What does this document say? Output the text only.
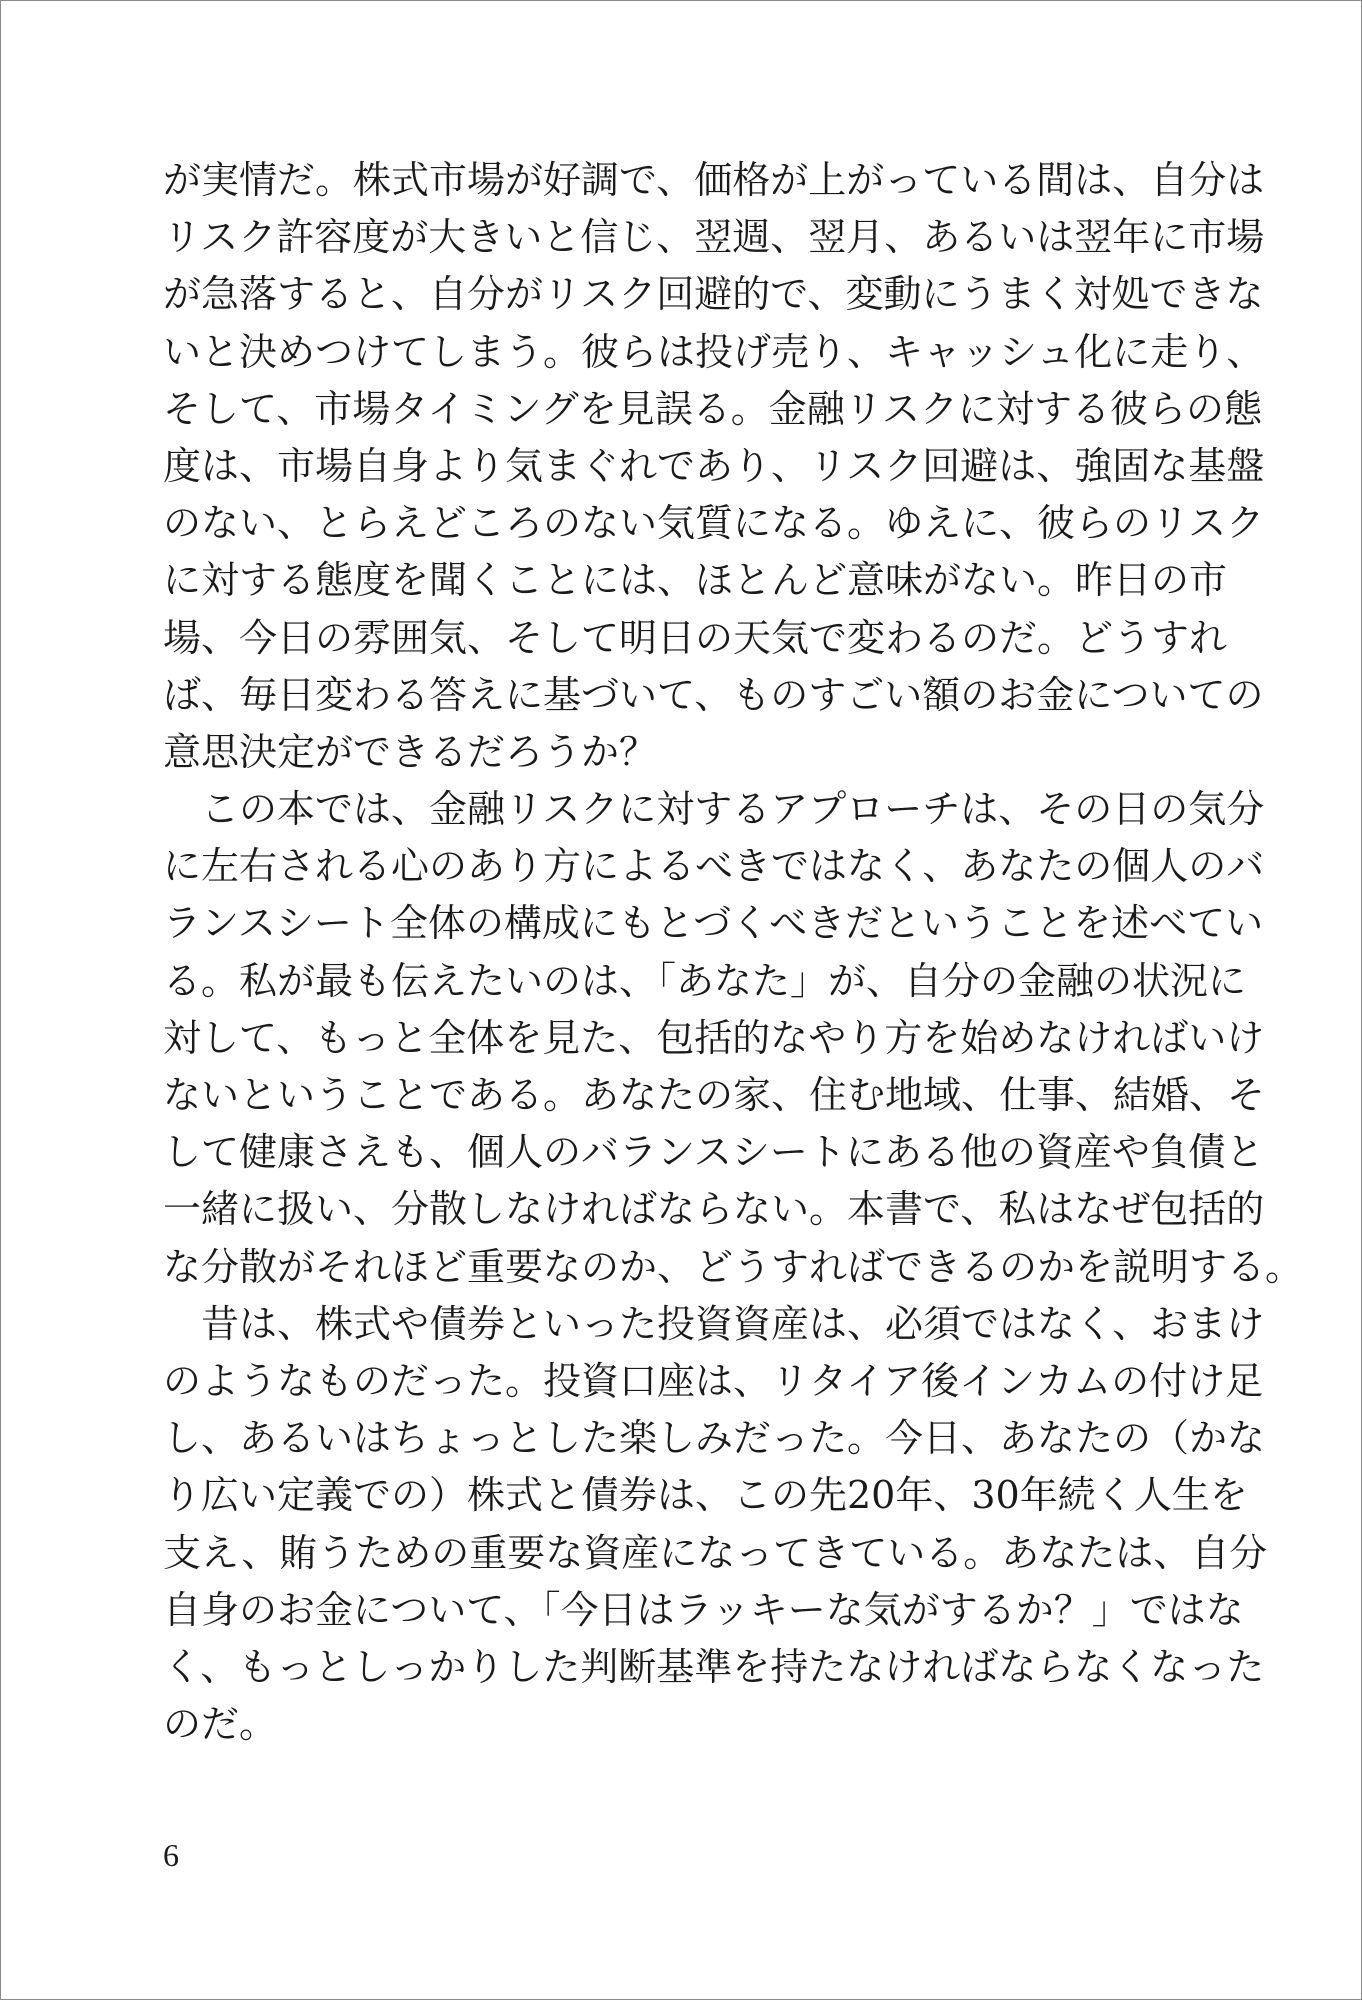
が実情だ。株式市場が好調で、価格が上がっている間は、自分は
リスク許容度が大きいと信じ、翌週、翌月、あるいは翌年に市場
が急落すると、自分がリスク回避的で、変動にうまく対処できな
いと決めつけてしまう。彼らは投げ売り、キャッシュ化に走り、
そして、市場タイミングを見誤る。金融リスクに対する彼らの態
度は、市場自身より気まぐれであり、リスク回避は、強固な基盤
のない、とらえどころのない気質になる。ゆえに、彼らのリスク
に対する態度を聞くことには、ほとんど意味がない。昨日の市
場、今日の雰囲気、そして明日の天気で変わるのだ。どうすれ
ば、毎日変わる答えに基づいて、ものすごい額のお金についての
意思決定ができるだろうか？
　この本では、金融リスクに対するアプローチは、その日の気分
に左右される心のあり方によるべきではなく、あなたの個人のバ
ランスシート全体の構成にもとづくべきだということを述べてい
る。私が最も伝えたいのは、「あなた」が、自分の金融の状況に
対して、もっと全体を見た、包括的なやり方を始めなければいけ
ないということである。あなたの家、住む地域、仕事、結婚、そ
して健康さえも、個人のバランスシートにある他の資産や負債と
一緒に扱い、分散しなければならない。本書で、私はなぜ包括的
な分散がそれほど重要なのか、どうすればできるのかを説明する。
　昔は、株式や債券といった投資資産は、必須ではなく、おまけ
のようなものだった。投資口座は、リタイア後インカムの付け足
し、あるいはちょっとした楽しみだった。今日、あなたの（かな
り広い定義での）株式と債券は、この先20年、30年続く人生を
支え、賄うための重要な資産になってきている。あなたは、自分
自身のお金について、「今日はラッキーな気がするか？」ではな
く、もっとしっかりした判断基準を持たなければならなくなった
のだ。
6
